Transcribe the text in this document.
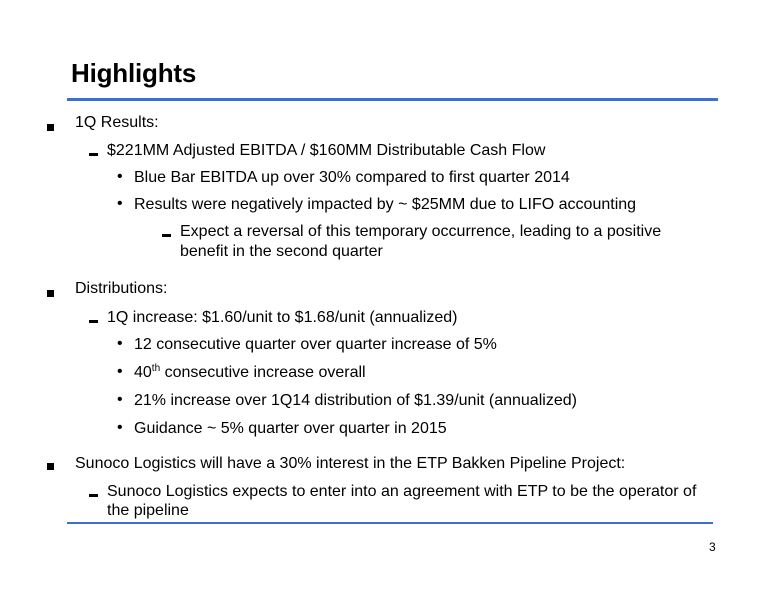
Highlights
1Q Results:
$221MM Adjusted EBITDA / $160MM Distributable Cash Flow
• Blue Bar EBITDA up over 30% compared to first quarter 2014
• Results were negatively impacted by ~ $25MM due to LIFO accounting
Expect a reversal of this temporary occurrence, leading to a positive
benefit in the second quarter
Distributions:
1Q increase: $1.60/unit to $1.68/unit (annualized)
• 12 consecutive quarter over quarter increase of 5%
• 40th consecutive increase overall
• 21% increase over 1Q14 distribution of $1.39/unit (annualized)
• Guidance ~ 5% quarter over quarter in 2015
Sunoco Logistics will have a 30% interest in the ETP Bakken Pipeline Project:
Sunoco Logistics expects to enter into an agreement with ETP to be the operator of
the pipeline
3
